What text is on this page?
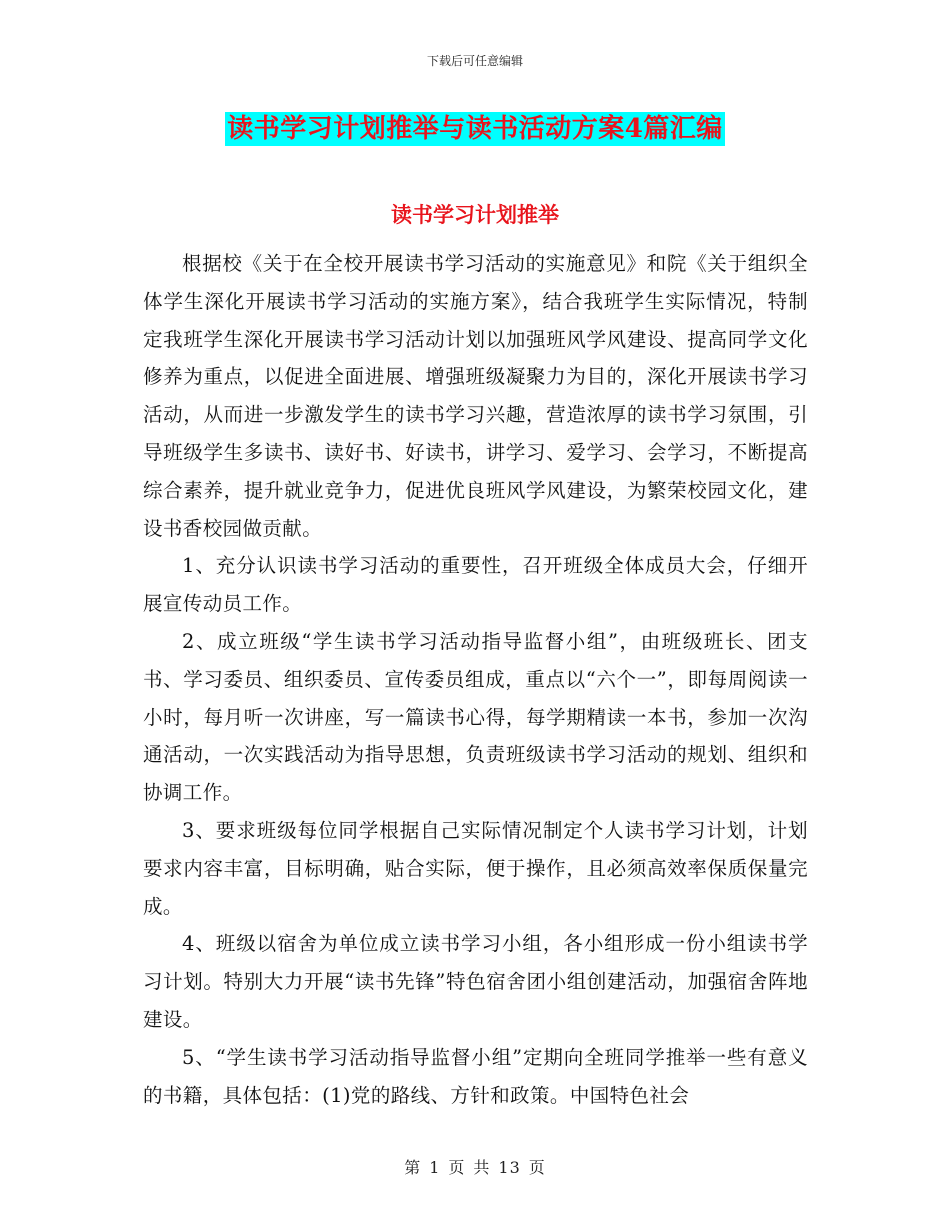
下载后可任意编辑
读书学习计划推举与读书活动方案4篇汇编
读书学习计划推举

根据校《关于在全校开展读书学习活动的实施意见》和院《关于组织全体学生深化开展读书学习活动的实施方案》，结合我班学生实际情况，特制定我班学生深化开展读书学习活动计划以加强班风学风建设、提高同学文化修养为重点，以促进全面进展、增强班级凝聚力为目的，深化开展读书学习活动，从而进一步激发学生的读书学习兴趣，营造浓厚的读书学习氛围，引导班级学生多读书、读好书、好读书，讲学习、爱学习、会学习，不断提高综合素养，提升就业竞争力，促进优良班风学风建设，为繁荣校园文化，建设书香校园做贡献。

1、充分认识读书学习活动的重要性，召开班级全体成员大会，仔细开展宣传动员工作。

2、成立班级“学生读书学习活动指导监督小组”，由班级班长、团支书、学习委员、组织委员、宣传委员组成，重点以“六个一”，即每周阅读一小时，每月听一次讲座，写一篇读书心得，每学期精读一本书，参加一次沟通活动，一次实践活动为指导思想，负责班级读书学习活动的规划、组织和协调工作。

3、要求班级每位同学根据自己实际情况制定个人读书学习计划，计划要求内容丰富，目标明确，贴合实际，便于操作，且必须高效率保质保量完成。

4、班级以宿舍为单位成立读书学习小组，各小组形成一份小组读书学习计划。特别大力开展“读书先锋”特色宿舍团小组创建活动，加强宿舍阵地建设。

5、“学生读书学习活动指导监督小组”定期向全班同学推举一些有意义的书籍，具体包括：(1)党的路线、方针和政策。中国特色社会

第 1 页 共 13 页
